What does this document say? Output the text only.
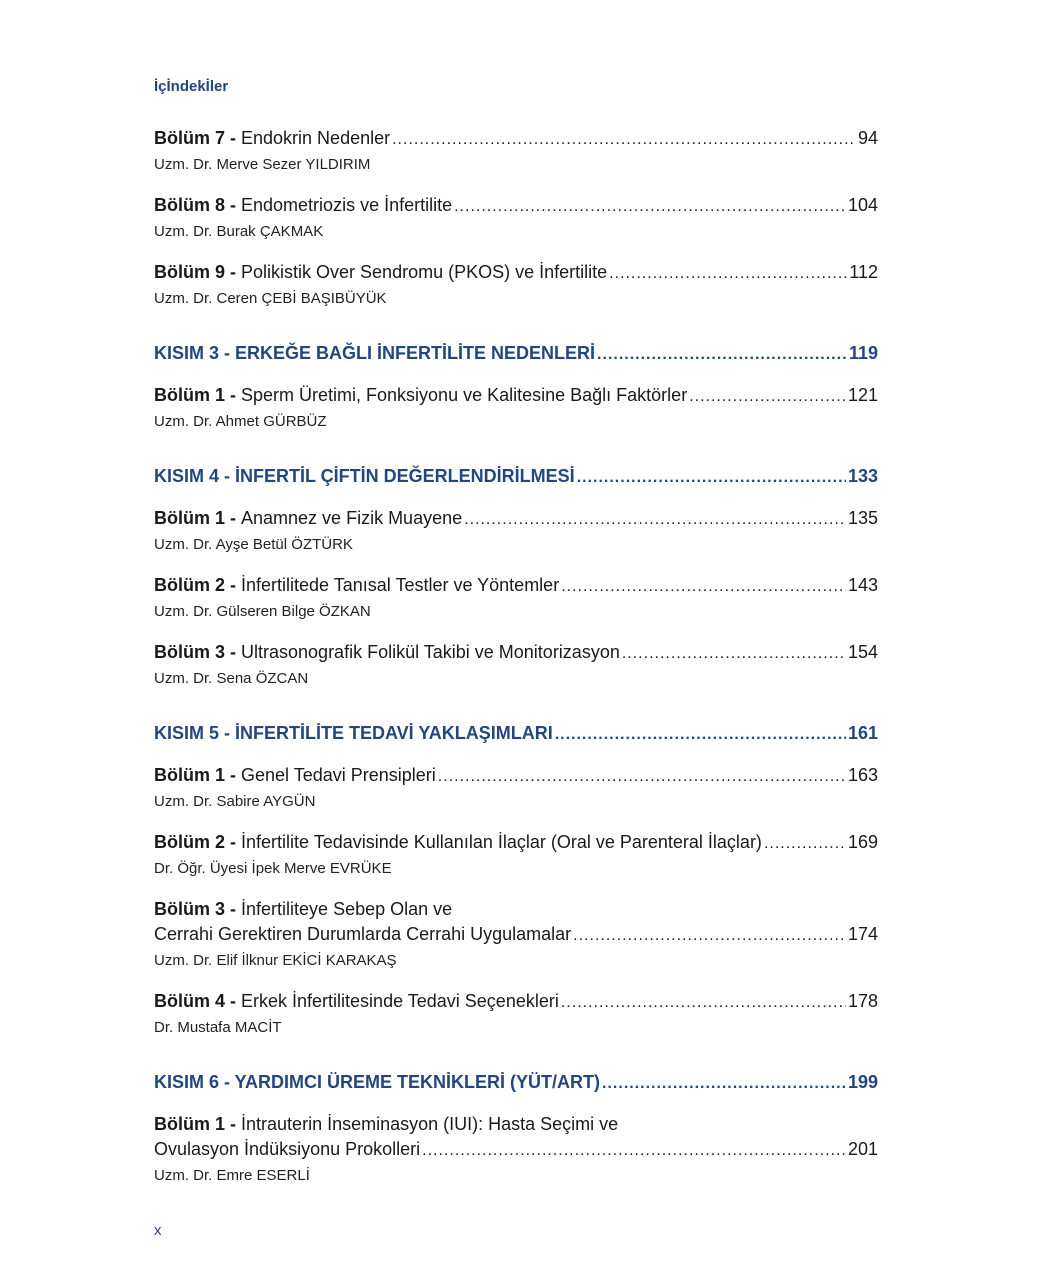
İçİndekİler
Bölüm 7 - Endokrin Nedenler .....	94
Uzm. Dr. Merve Sezer YILDIRIM
Bölüm 8 - Endometriozis ve İnfertilite .....	104
Uzm. Dr. Burak ÇAKMAK
Bölüm 9 - Polikistik Over Sendromu (PKOS) ve İnfertilite .....	112
Uzm. Dr. Ceren ÇEBİ BAŞIBÜYÜK
KISIM 3 - ERKEĞE BAĞLI İNFERTİLİTE NEDENLERİ .....	119
Bölüm 1 - Sperm Üretimi, Fonksiyonu ve Kalitesine Bağlı Faktörler .....	121
Uzm. Dr. Ahmet GÜRBÜZ
KISIM 4 - İNFERTİL ÇİFTİN DEĞERLENDİRİLMESİ .....	133
Bölüm 1 - Anamnez ve Fizik Muayene .....	135
Uzm. Dr. Ayşe Betül ÖZTÜRK
Bölüm 2 - İnfertilitede Tanısal Testler ve Yöntemler .....	143
Uzm. Dr. Gülseren Bilge ÖZKAN
Bölüm 3 - Ultrasonografik Folikül Takibi ve Monitorizasyon .....	154
Uzm. Dr. Sena ÖZCAN
KISIM 5 - İNFERTİLİTE TEDAVİ YAKLAŞIMLARI .....	161
Bölüm 1 - Genel Tedavi Prensipleri .....	163
Uzm. Dr. Sabire AYGÜN
Bölüm 2 - İnfertilite Tedavisinde Kullanılan İlaçlar (Oral ve Parenteral İlaçlar) .....	169
Dr. Öğr. Üyesi İpek Merve EVRÜKE
Bölüm 3 - İnfertiliteye Sebep Olan ve
Cerrahi Gerektiren Durumlarda Cerrahi Uygulamalar .....	174
Uzm. Dr. Elif İlknur EKİCİ KARAKAŞ
Bölüm 4 - Erkek İnfertilitesinde Tedavi Seçenekleri .....	178
Dr. Mustafa MACİT
KISIM 6 - YARDIMCI ÜREME TEKNİKLERİ (YÜT/ART) .....	199
Bölüm 1 - İntrauterin İnseminasyon (IUI): Hasta Seçimi ve
Ovulasyon İndüksiyonu Prokolleri .....	201
Uzm. Dr. Emre ESERLİ
x
